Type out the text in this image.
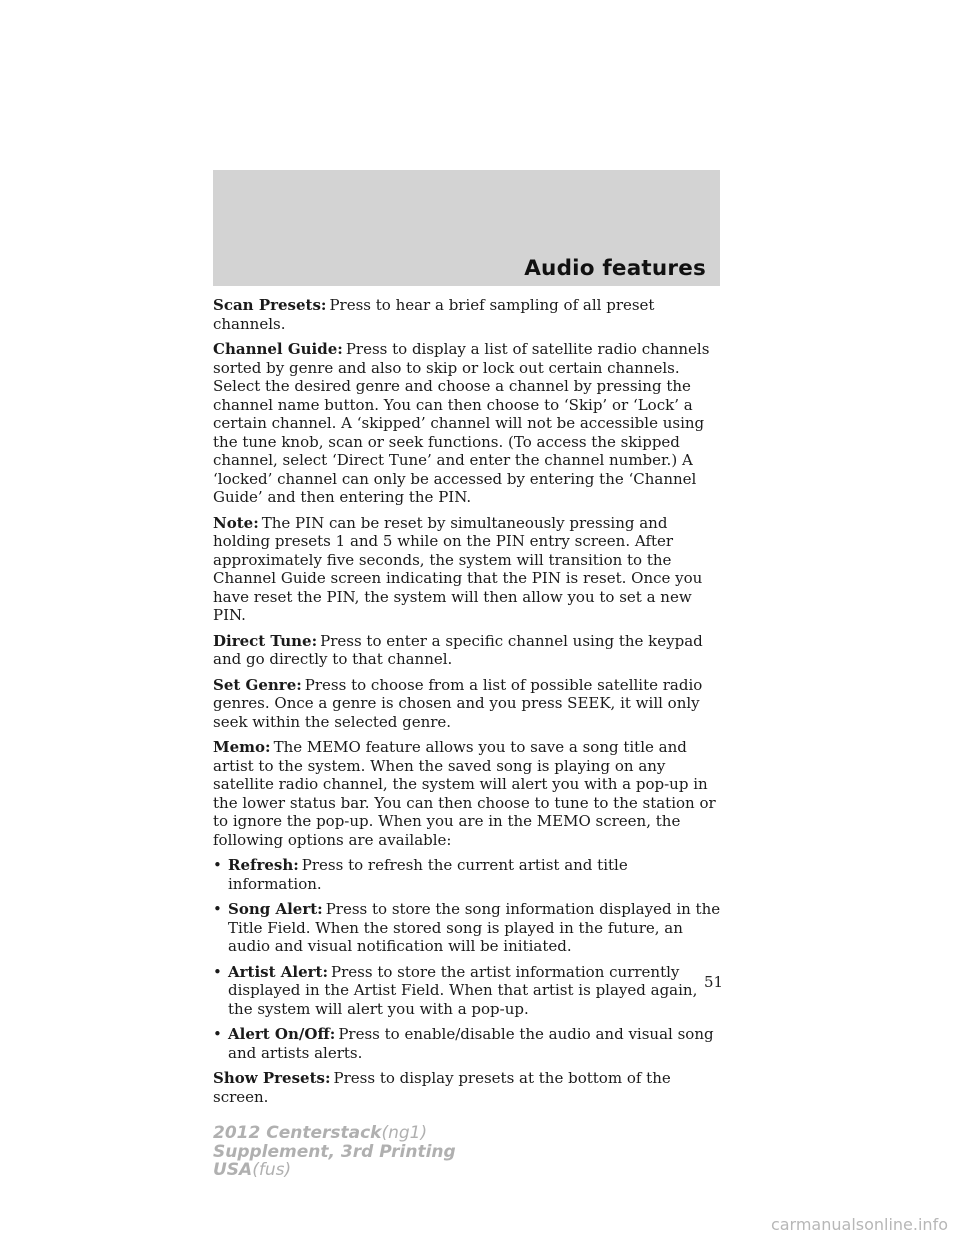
Audio features

Scan Presets: Press to hear a brief sampling of all preset channels.

Channel Guide: Press to display a list of satellite radio channels sorted by genre and also to skip or lock out certain channels. Select the desired genre and choose a channel by pressing the channel name button. You can then choose to ‘Skip’ or ‘Lock’ a certain channel. A ‘skipped’ channel will not be accessible using the tune knob, scan or seek functions. (To access the skipped channel, select ‘Direct Tune’ and enter the channel number.) A ‘locked’ channel can only be accessed by entering the ‘Channel Guide’ and then entering the PIN.

Note: The PIN can be reset by simultaneously pressing and holding presets 1 and 5 while on the PIN entry screen. After approximately five seconds, the system will transition to the Channel Guide screen indicating that the PIN is reset. Once you have reset the PIN, the system will then allow you to set a new PIN.

Direct Tune: Press to enter a specific channel using the keypad and go directly to that channel.

Set Genre: Press to choose from a list of possible satellite radio genres. Once a genre is chosen and you press SEEK, it will only seek within the selected genre.

Memo: The MEMO feature allows you to save a song title and artist to the system. When the saved song is playing on any satellite radio channel, the system will alert you with a pop-up in the lower status bar. You can then choose to tune to the station or to ignore the pop-up. When you are in the MEMO screen, the following options are available:

• Refresh: Press to refresh the current artist and title information.
• Song Alert: Press to store the song information displayed in the Title Field. When the stored song is played in the future, an audio and visual notification will be initiated.
• Artist Alert: Press to store the artist information currently displayed in the Artist Field. When that artist is played again, the system will alert you with a pop-up.
• Alert On/Off: Press to enable/disable the audio and visual song and artists alerts.

Show Presets: Press to display presets at the bottom of the screen.

51
2012 Centerstack(ng1)
Supplement, 3rd Printing
USA(fus)
carmanualsonline.info
